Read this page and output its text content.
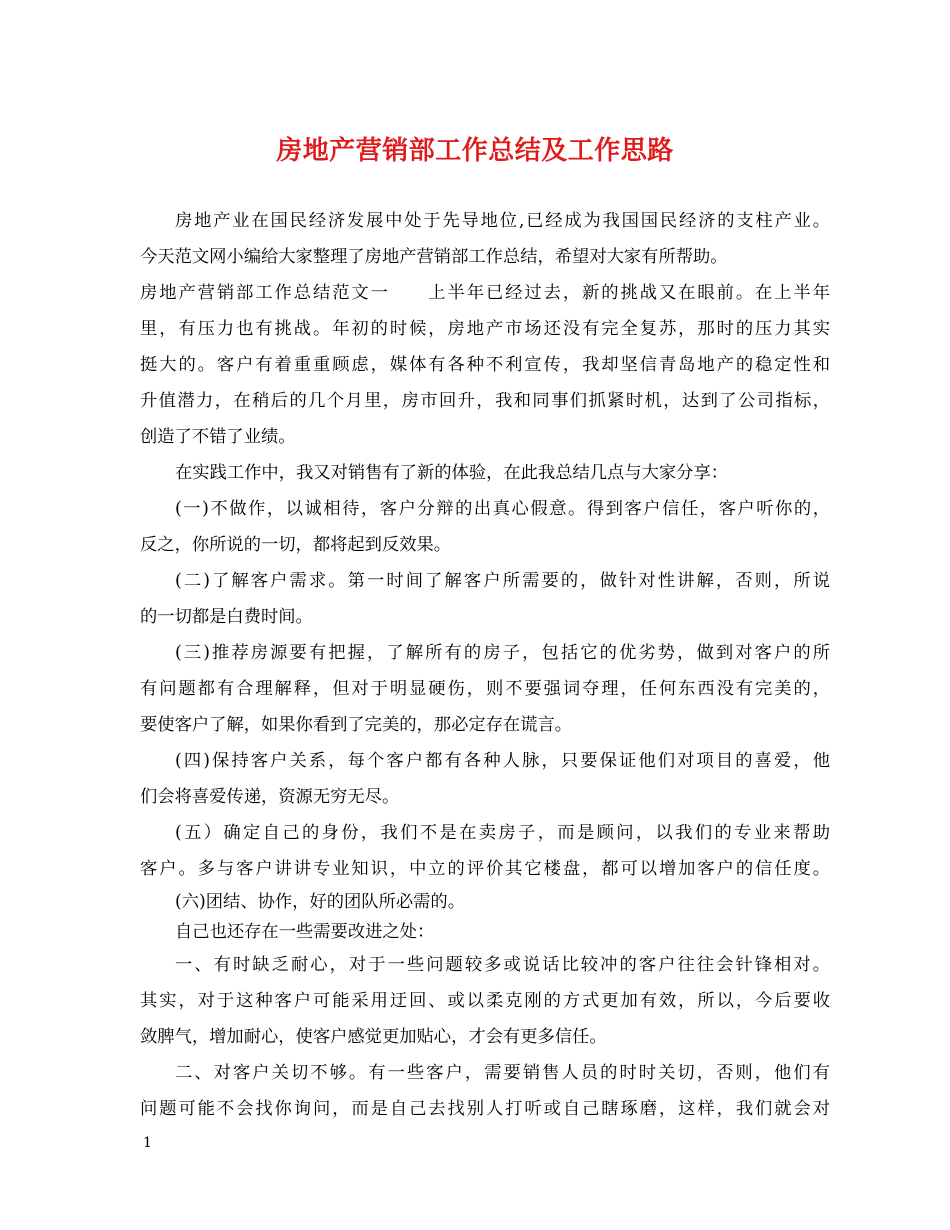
房地产营销部工作总结及工作思路
房地产业在国民经济发展中处于先导地位,已经成为我国国民经济的支柱产业。
今天范文网小编给大家整理了房地产营销部工作总结，希望对大家有所帮助。
房地产营销部工作总结范文一　　上半年已经过去，新的挑战又在眼前。在上半年
里，有压力也有挑战。年初的时候，房地产市场还没有完全复苏，那时的压力其实
挺大的。客户有着重重顾虑，媒体有各种不利宣传，我却坚信青岛地产的稳定性和
升值潜力，在稍后的几个月里，房市回升，我和同事们抓紧时机，达到了公司指标，
创造了不错了业绩。
在实践工作中，我又对销售有了新的体验，在此我总结几点与大家分享：
(一)不做作，以诚相待，客户分辩的出真心假意。得到客户信任，客户听你的，
反之，你所说的一切，都将起到反效果。
(二)了解客户需求。第一时间了解客户所需要的，做针对性讲解，否则，所说
的一切都是白费时间。
(三)推荐房源要有把握，了解所有的房子，包括它的优劣势，做到对客户的所
有问题都有合理解释，但对于明显硬伤，则不要强词夺理，任何东西没有完美的，
要使客户了解，如果你看到了完美的，那必定存在谎言。
(四)保持客户关系，每个客户都有各种人脉，只要保证他们对项目的喜爱，他
们会将喜爱传递，资源无穷无尽。
(五）确定自己的身份，我们不是在卖房子，而是顾问，以我们的专业来帮助
客户。多与客户讲讲专业知识，中立的评价其它楼盘，都可以增加客户的信任度。
(六)团结、协作，好的团队所必需的。
自己也还存在一些需要改进之处：
一、有时缺乏耐心，对于一些问题较多或说话比较冲的客户往往会针锋相对。
其实，对于这种客户可能采用迂回、或以柔克刚的方式更加有效，所以，今后要收
敛脾气，增加耐心，使客户感觉更加贴心，才会有更多信任。
二、对客户关切不够。有一些客户，需要销售人员的时时关切，否则，他们有
问题可能不会找你询问，而是自己去找别人打听或自己瞎琢磨，这样，我们就会对
1
